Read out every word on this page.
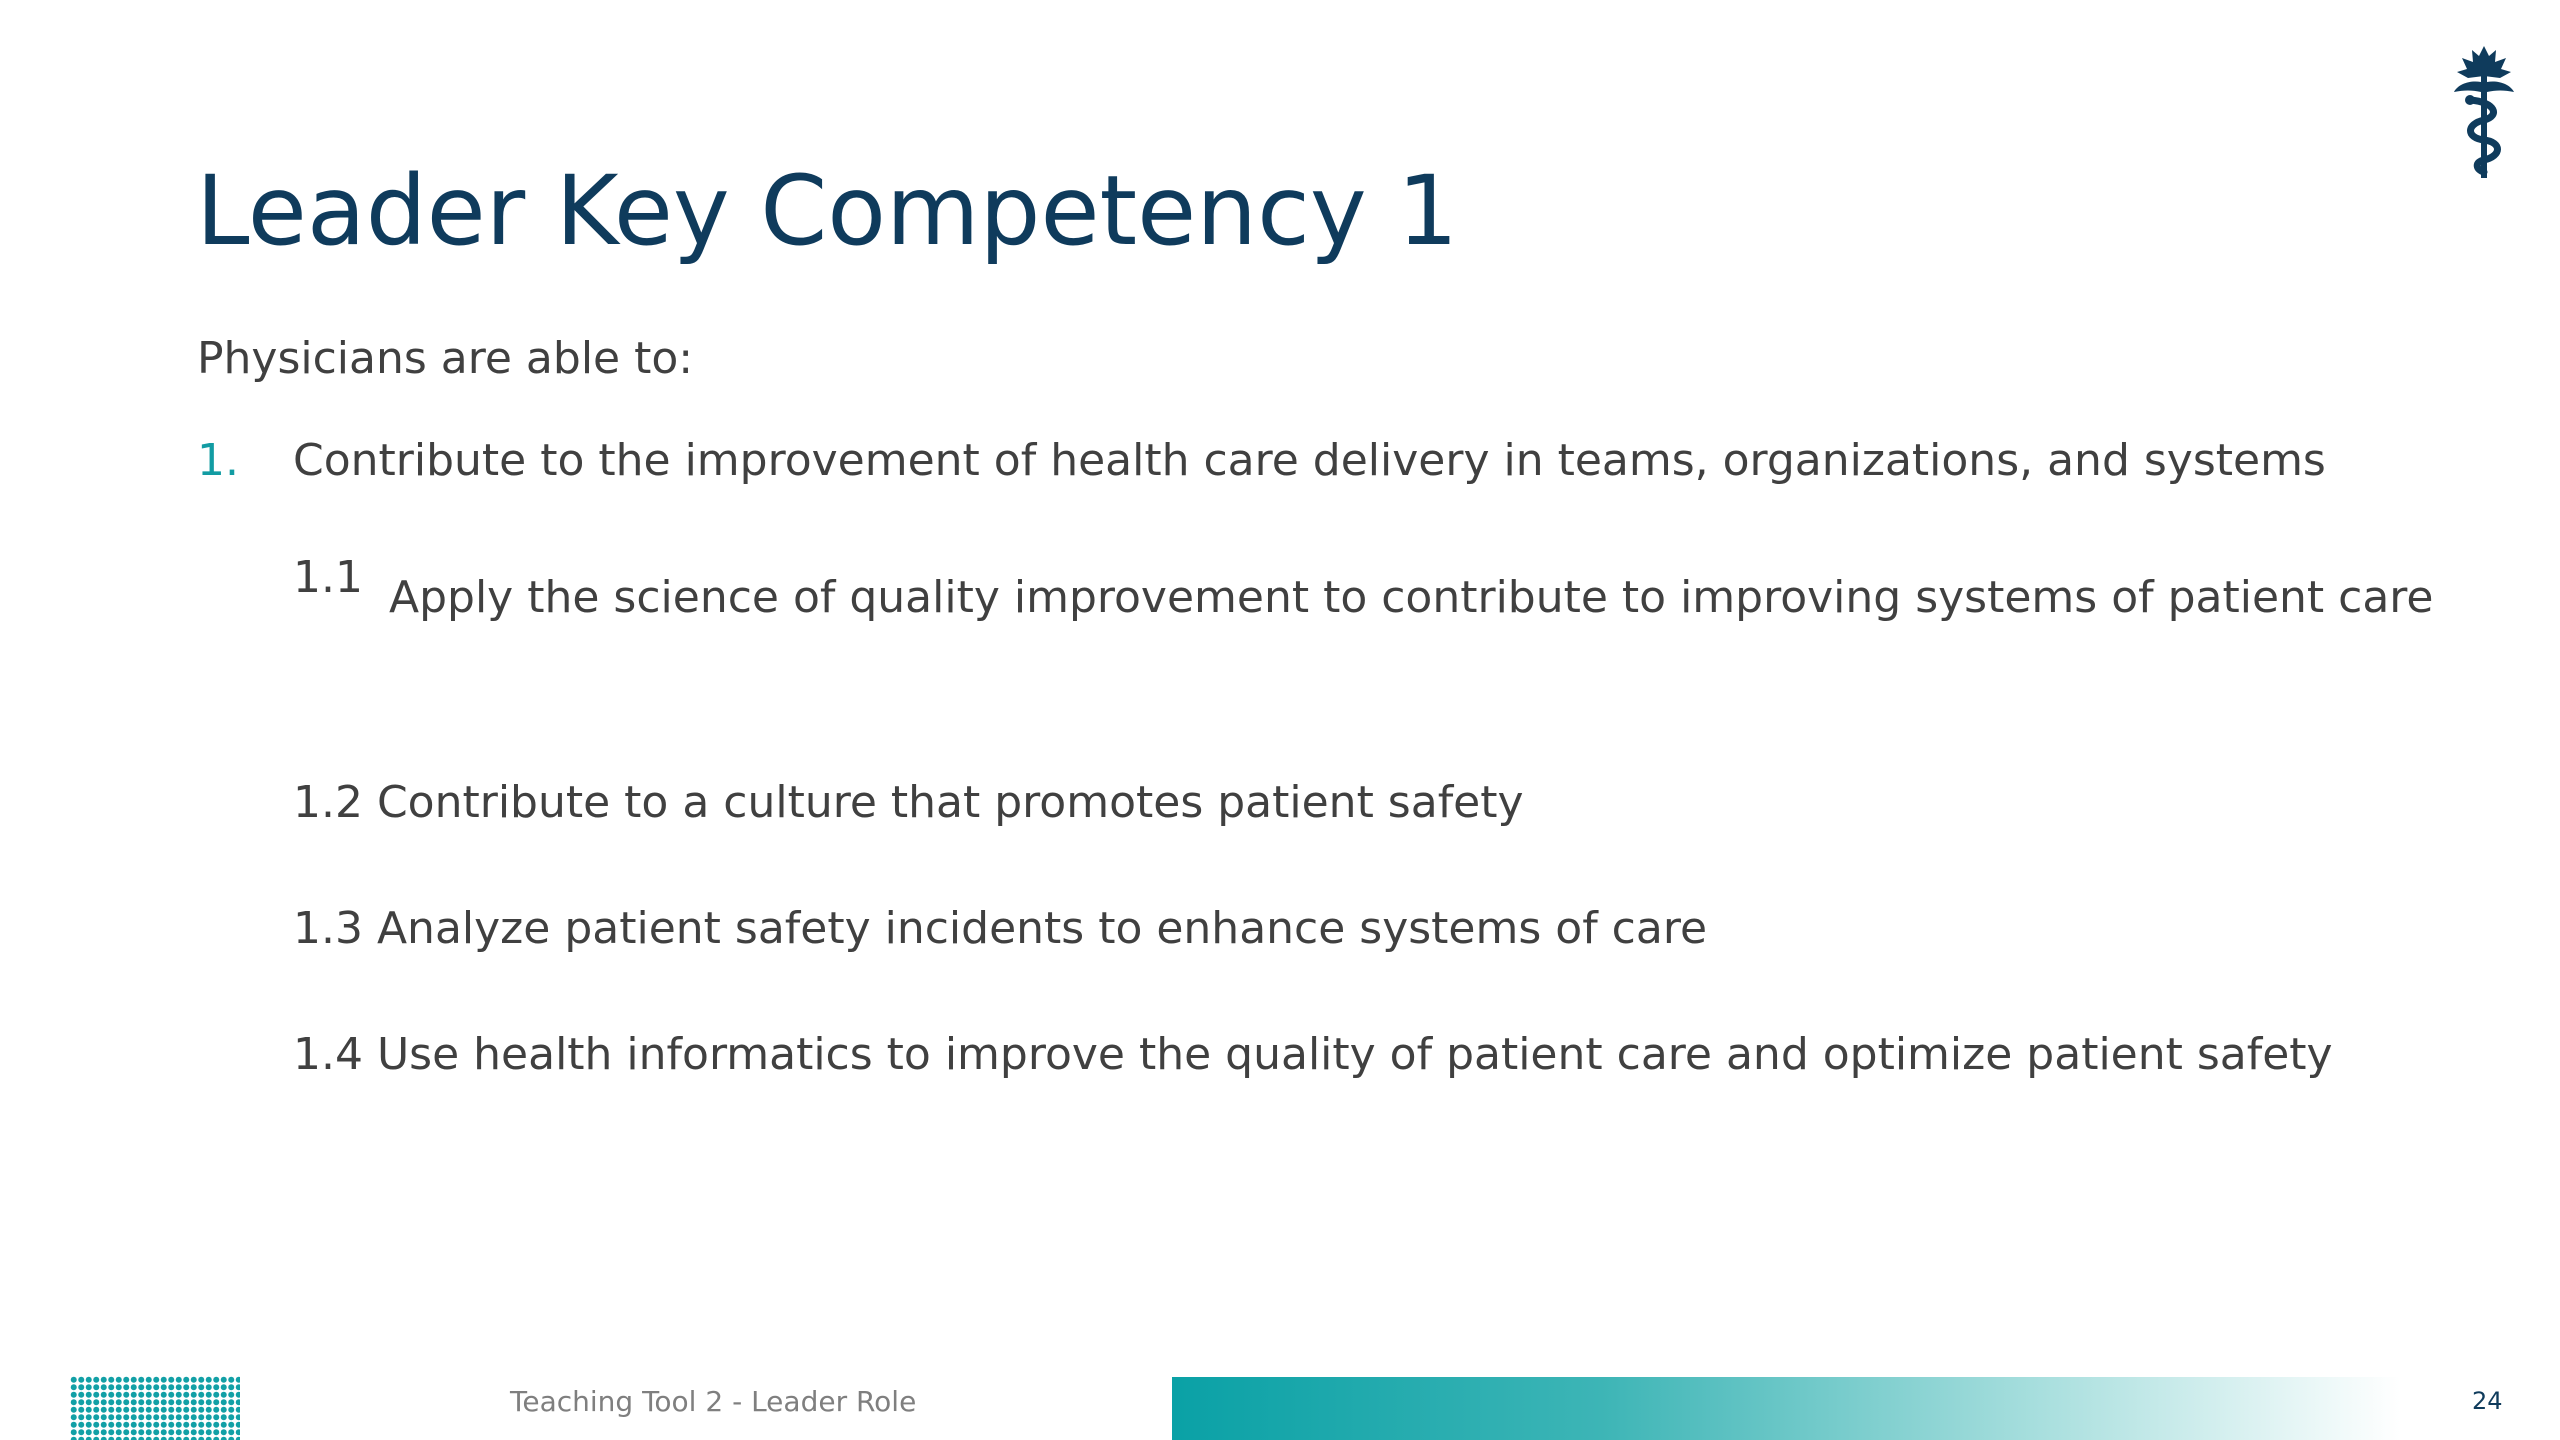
Leader Key Competency 1
Physicians are able to:
1. Contribute to the improvement of health care delivery in teams, organizations, and systems
1.1 Apply the science of quality improvement to contribute to improving systems of patient care
1.2 Contribute to a culture that promotes patient safety
1.3 Analyze patient safety incidents to enhance systems of care
1.4 Use health informatics to improve the quality of patient care and optimize patient safety
Teaching Tool 2 - Leader Role	24
